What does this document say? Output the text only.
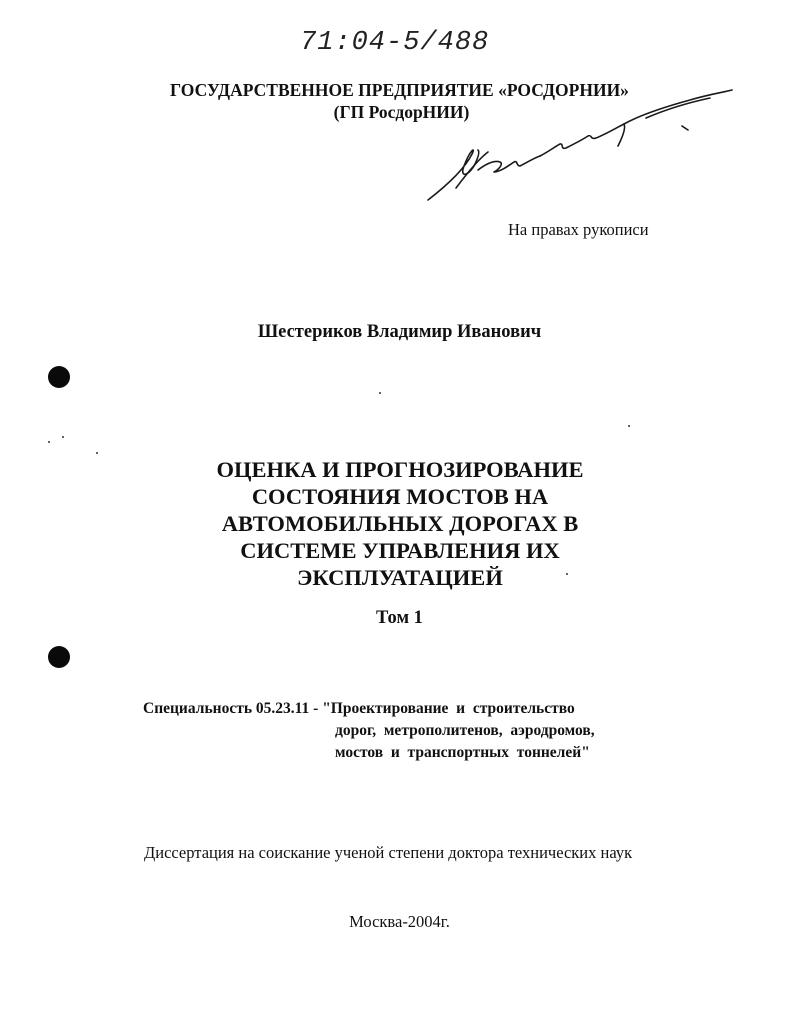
71:04-5/488
ГОСУДАРСТВЕННОЕ ПРЕДПРИЯТИЕ «РОСДОРНИИ»
(ГП РосдорНИИ)
На правах рукописи
Шестериков Владимир Иванович
ОЦЕНКА И ПРОГНОЗИРОВАНИЕ
СОСТОЯНИЯ МОСТОВ НА
АВТОМОБИЛЬНЫХ ДОРОГАХ В
СИСТЕМЕ УПРАВЛЕНИЯ ИХ
ЭКСПЛУАТАЦИЕЙ
Том 1
Специальность 05.23.11 - "Проектирование  и  строительство
дорог,  метрополитенов,  аэродромов,
мостов  и  транспортных  тоннелей"
Диссертация на соискание ученой степени доктора технических наук
Москва-2004г.
